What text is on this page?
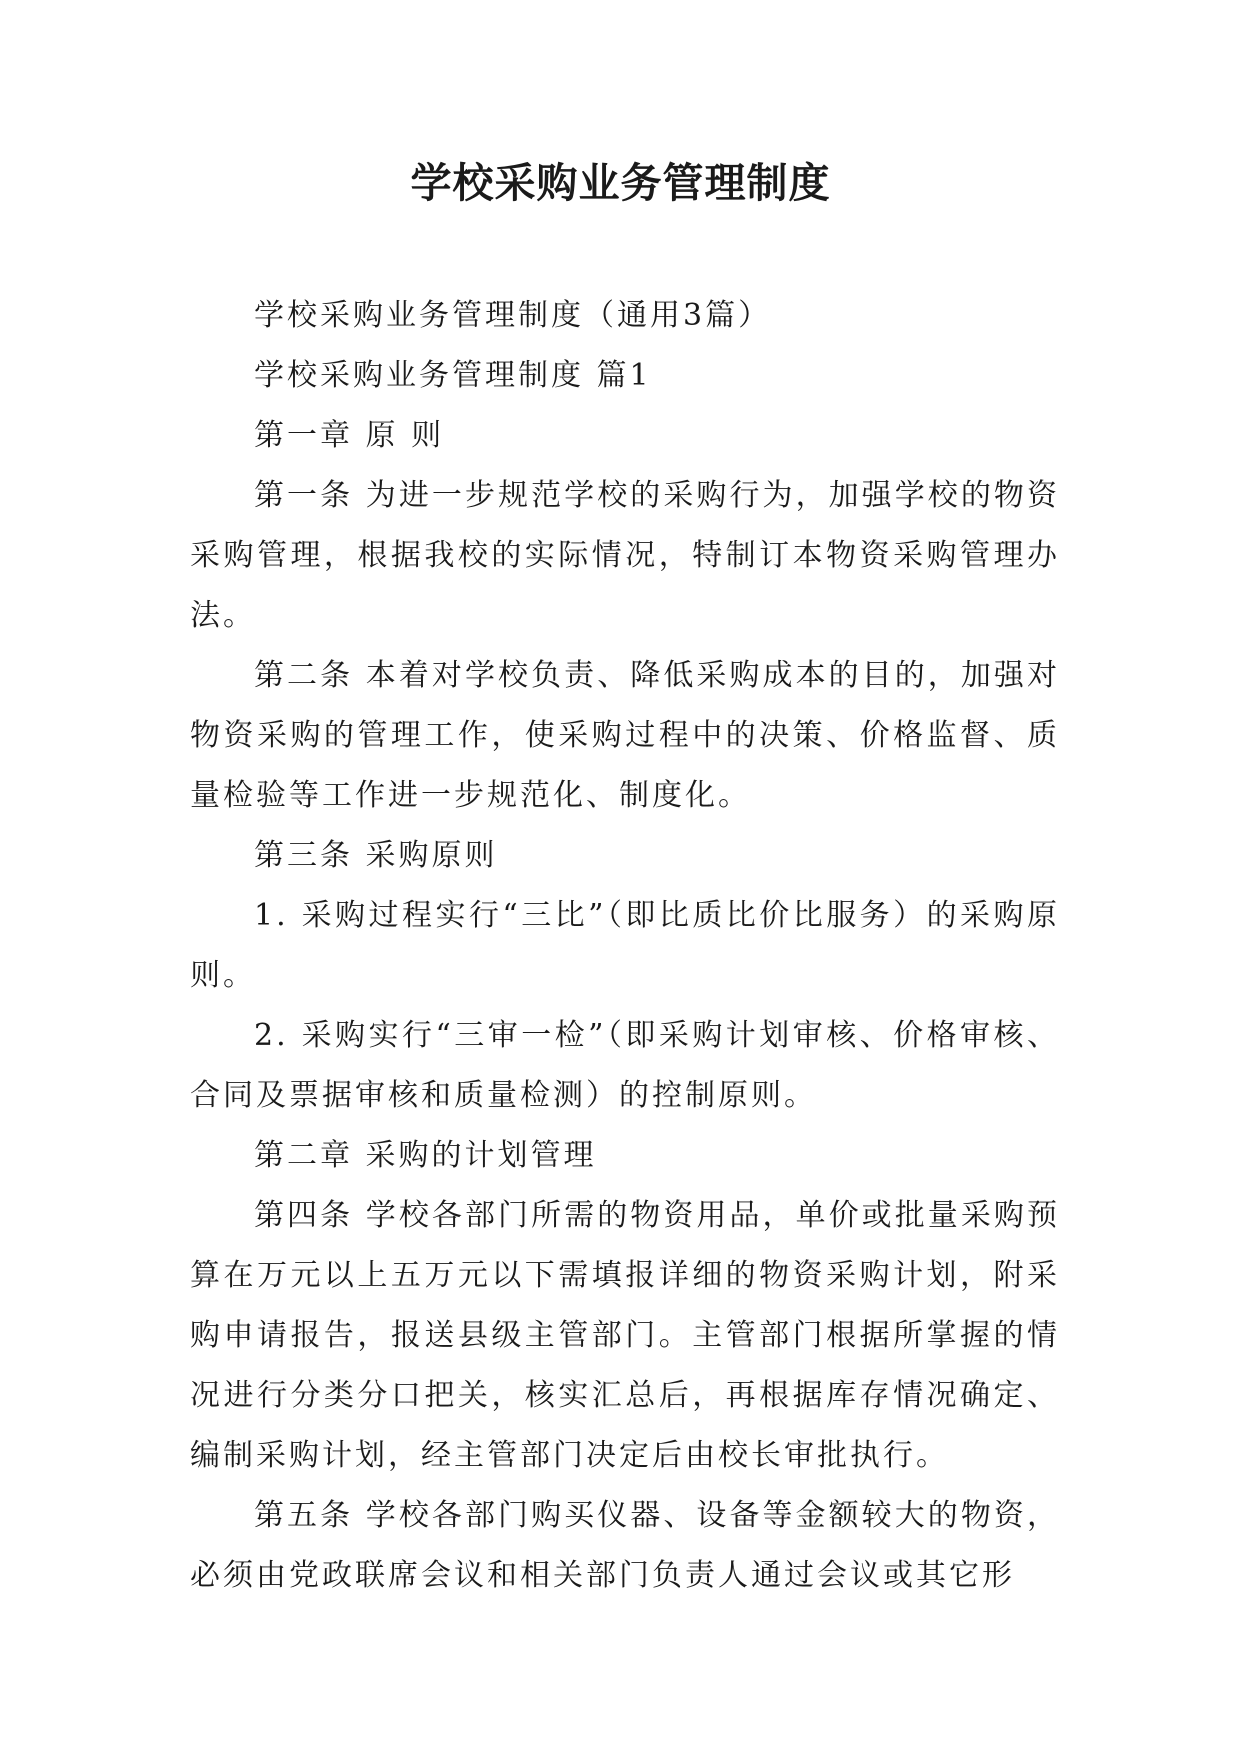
学校采购业务管理制度

学校采购业务管理制度（通用3篇）

学校采购业务管理制度 篇1

第一章 原 则

第一条 为进一步规范学校的采购行为，加强学校的物资采购管理，根据我校的实际情况，特制订本物资采购管理办法。

第二条 本着对学校负责、降低采购成本的目的，加强对物资采购的管理工作，使采购过程中的决策、价格监督、质量检验等工作进一步规范化、制度化。

第三条 采购原则

1. 采购过程实行“三比”（即比质比价比服务）的采购原则。

2. 采购实行“三审一检”（即采购计划审核、价格审核、合同及票据审核和质量检测）的控制原则。

第二章 采购的计划管理

第四条 学校各部门所需的物资用品，单价或批量采购预算在万元以上五万元以下需填报详细的物资采购计划，附采购申请报告，报送县级主管部门。主管部门根据所掌握的情况进行分类分口把关，核实汇总后，再根据库存情况确定、编制采购计划，经主管部门决定后由校长审批执行。

第五条 学校各部门购买仪器、设备等金额较大的物资，必须由党政联席会议和相关部门负责人通过会议或其它形
